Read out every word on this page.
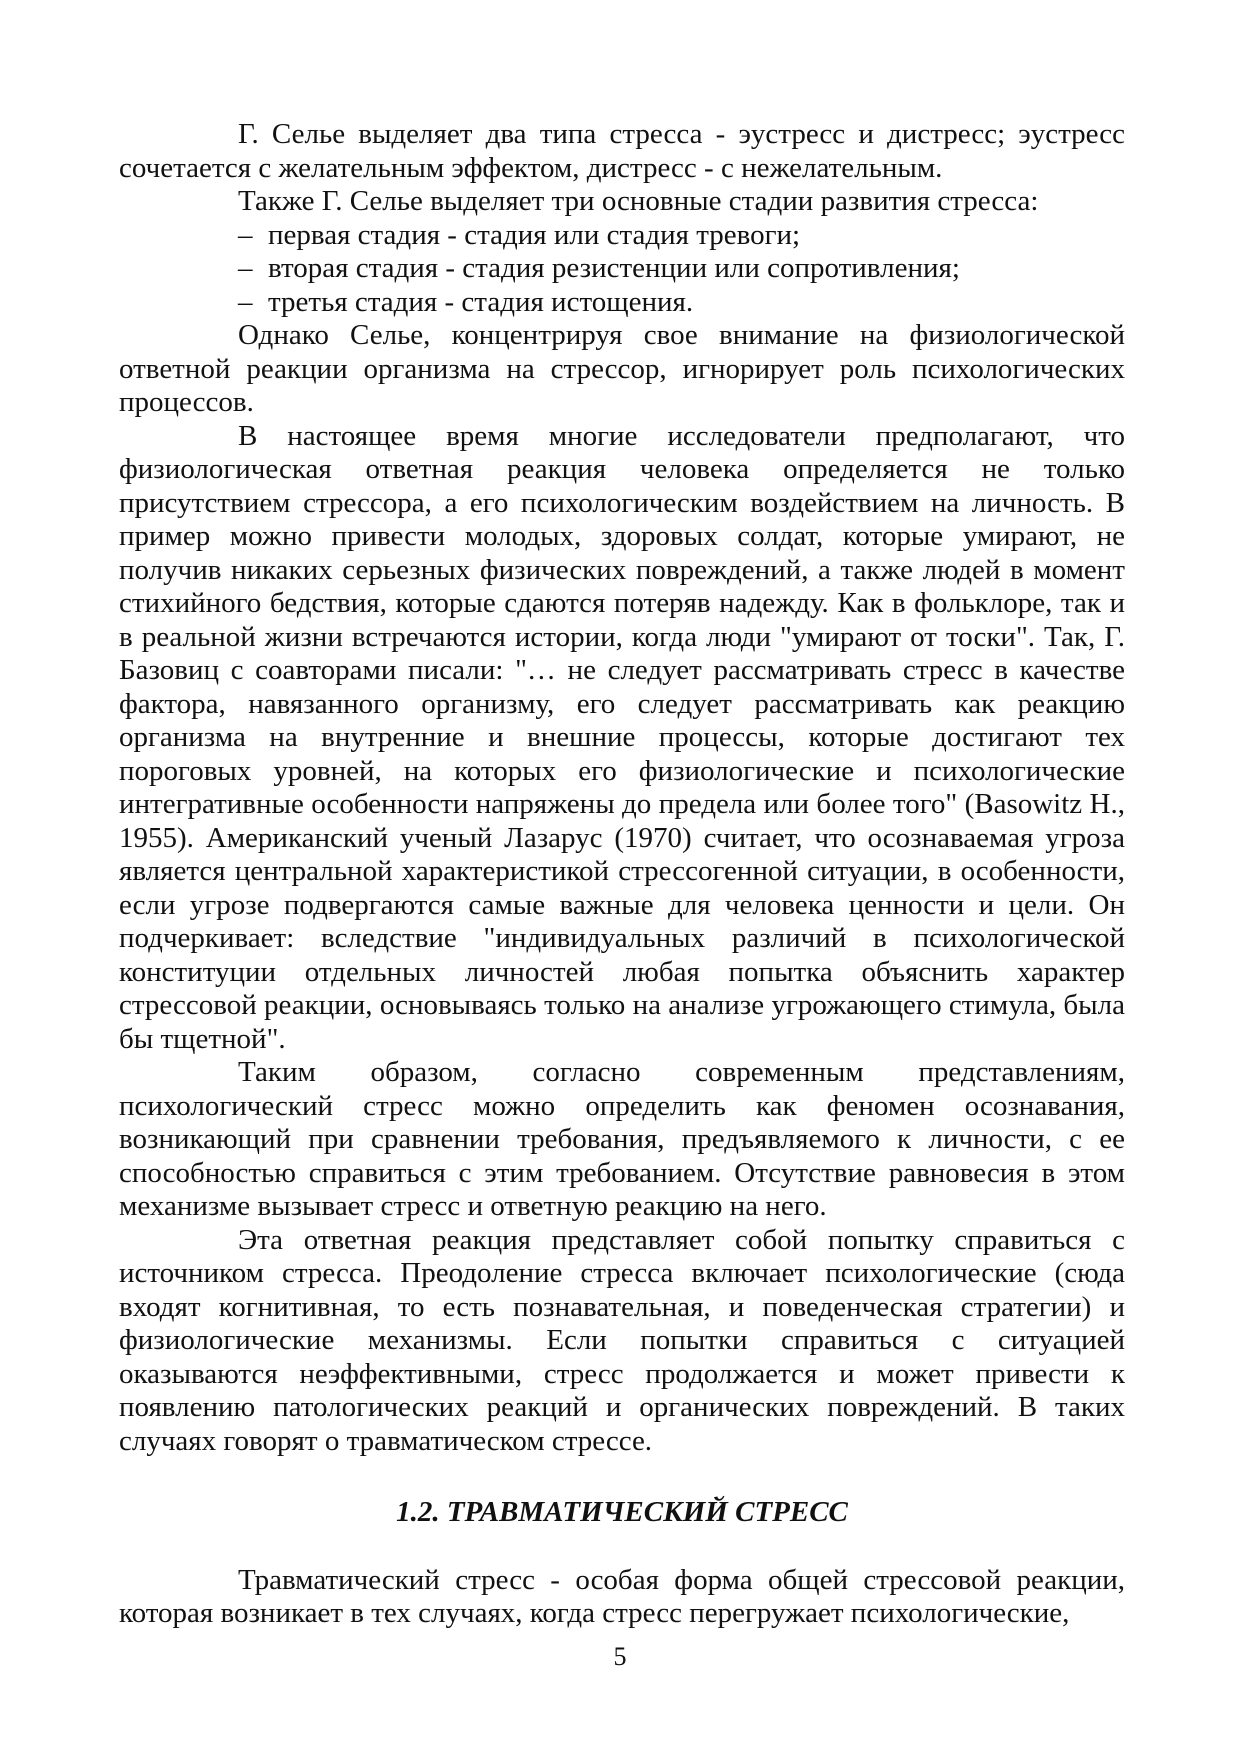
Г. Селье выделяет два типа стресса - эустресс и дистресс; эустресс сочетается с желательным эффектом, дистресс - с нежелательным.

Также Г. Селье выделяет три основные стадии развития стресса:

– первая стадия - стадия или стадия тревоги;
– вторая стадия - стадия резистенции или сопротивления;
– третья стадия - стадия истощения.

Однако Селье, концентрируя свое внимание на физиологической ответной реакции организма на стрессор, игнорирует роль психологических процессов.

В настоящее время многие исследователи предполагают, что физиологическая ответная реакция человека определяется не только присутствием стрессора, а его психологическим воздействием на личность. В пример можно привести молодых, здоровых солдат, которые умирают, не получив никаких серьезных физических повреждений, а также людей в момент стихийного бедствия, которые сдаются потеряв надежду. Как в фольклоре, так и в реальной жизни встречаются истории, когда люди "умирают от тоски". Так, Г. Базовиц с соавторами писали: "… не следует рассматривать стресс в качестве фактора, навязанного организму, его следует рассматривать как реакцию организма на внутренние и внешние процессы, которые достигают тех пороговых уровней, на которых его физиологические и психологические интегративные особенности напряжены до предела или более того" (Basowitz H., 1955). Американский ученый Лазарус (1970) считает, что осознаваемая угроза является центральной характеристикой стрессогенной ситуации, в особенности, если угрозе подвергаются самые важные для человека ценности и цели. Он подчеркивает: вследствие "индивидуальных различий в психологической конституции отдельных личностей любая попытка объяснить характер стрессовой реакции, основываясь только на анализе угрожающего стимула, была бы тщетной".

Таким образом, согласно современным представлениям, психологический стресс можно определить как феномен осознавания, возникающий при сравнении требования, предъявляемого к личности, с ее способностью справиться с этим требованием. Отсутствие равновесия в этом механизме вызывает стресс и ответную реакцию на него.

Эта ответная реакция представляет собой попытку справиться с источником стресса. Преодоление стресса включает психологические (сюда входят когнитивная, то есть познавательная, и поведенческая стратегии) и физиологические механизмы. Если попытки справиться с ситуацией оказываются неэффективными, стресс продолжается и может привести к появлению патологических реакций и органических повреждений. В таких случаях говорят о травматическом стрессе.

1.2. ТРАВМАТИЧЕСКИЙ СТРЕСС

Травматический стресс - особая форма общей стрессовой реакции, которая возникает в тех случаях, когда стресс перегружает психологические,

5
